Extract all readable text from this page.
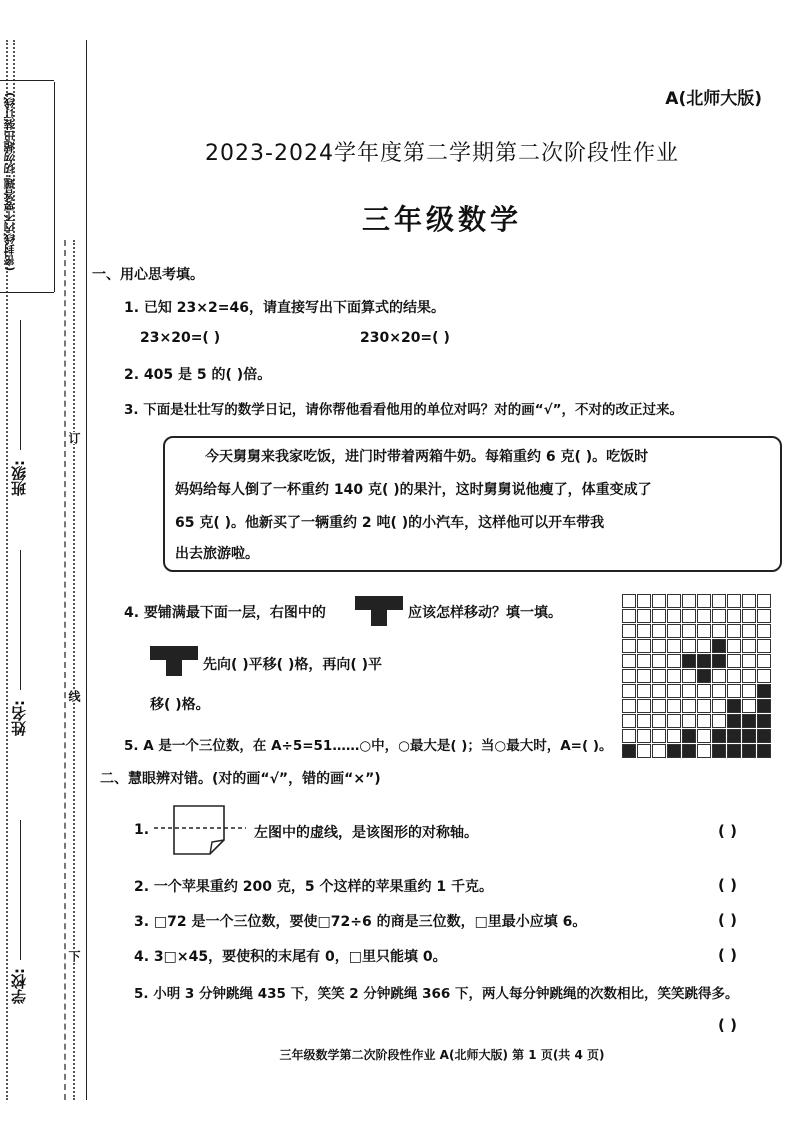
(密封线内不要答题·切勿超出装订线)
班级:
姓名:
学校:
订
线
下
A(北师大版)
2023-2024学年度第二学期第二次阶段性作业
三年级数学
一、用心思考填。
1. 已知 23×2=46，请直接写出下面算式的结果。
23×20=( )	230×20=( )
2. 405 是 5 的( )倍。
3. 下面是壮壮写的数学日记，请你帮他看看他用的单位对吗？对的画“√”，不对的改正过来。
今天舅舅来我家吃饭，进门时带着两箱牛奶。每箱重约 6 克( )。吃饭时
妈妈给每人倒了一杯重约 140 克( )的果汁，这时舅舅说他瘦了，体重变成了
65 克( )。他新买了一辆重约 2 吨( )的小汽车，这样他可以开车带我
出去旅游啦。
4. 要铺满最下面一层，右图中的	应该怎样移动？填一填。
先向( )平移( )格，再向( )平
移( )格。
5. A 是一个三位数，在 A÷5=51……○中，○最大是( )；当○最大时，A=( )。
二、慧眼辨对错。(对的画“√”，错的画“×”)
1.	左图中的虚线，是该图形的对称轴。	( )
2. 一个苹果重约 200 克，5 个这样的苹果重约 1 千克。	( )
3. □72 是一个三位数，要使□72÷6 的商是三位数，□里最小应填 6。	( )
4. 3□×45，要使积的末尾有 0，□里只能填 0。	( )
5. 小明 3 分钟跳绳 435 下，笑笑 2 分钟跳绳 366 下，两人每分钟跳绳的次数相比，笑笑跳得多。
( )
三年级数学第二次阶段性作业 A(北师大版) 第 1 页(共 4 页)
